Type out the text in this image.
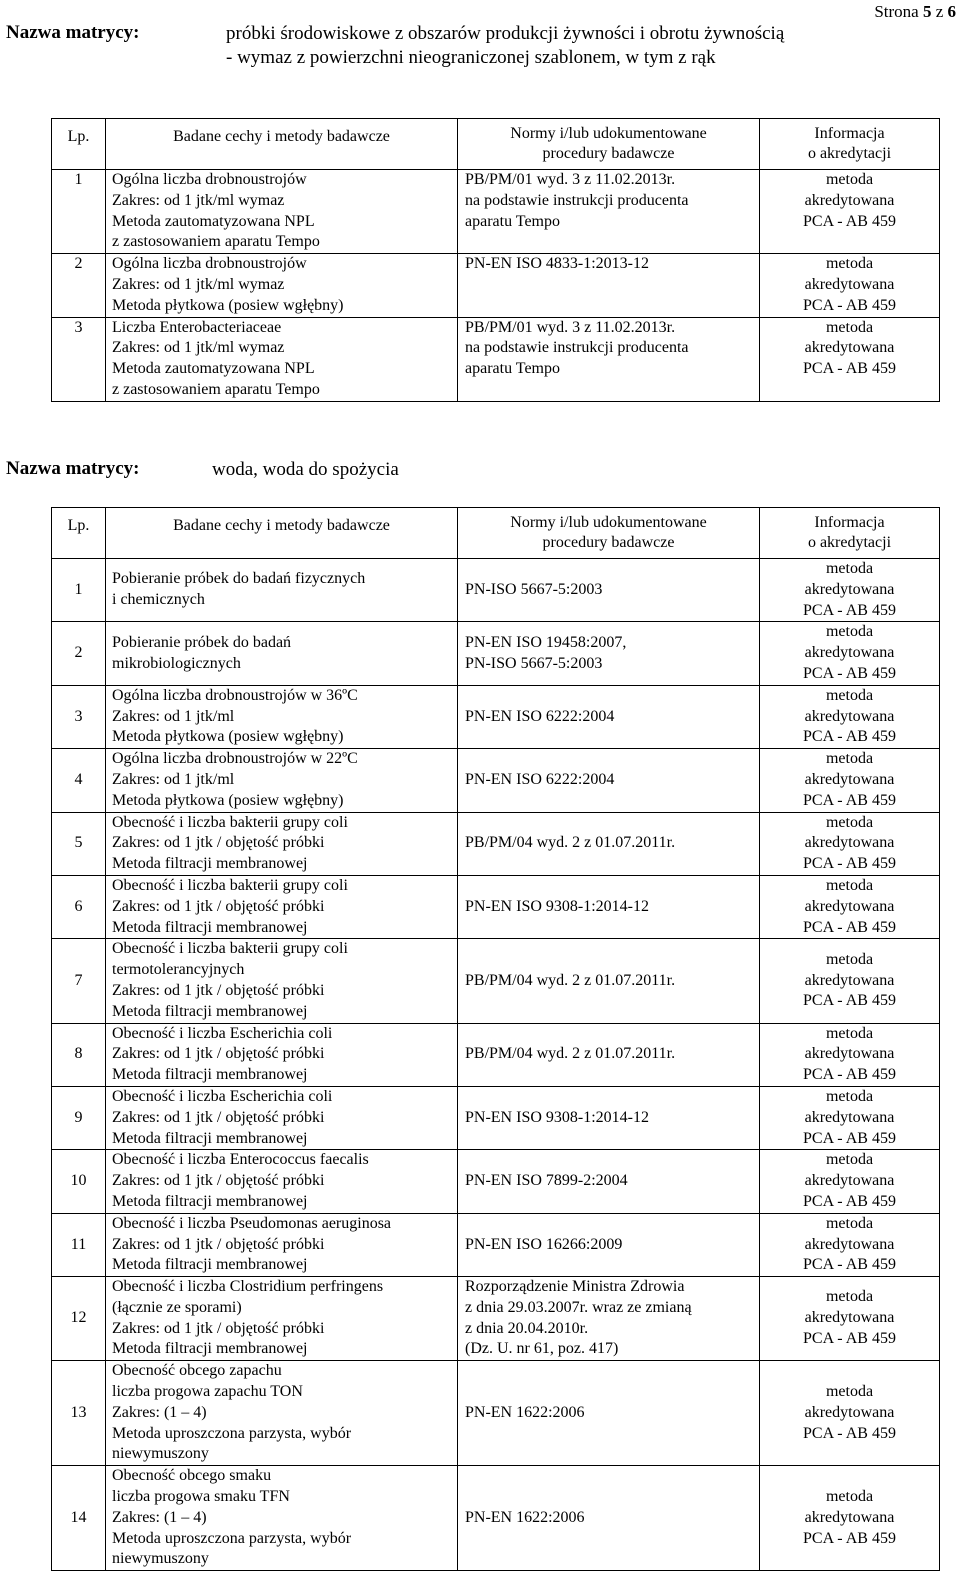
Strona 5 z 6
Nazwa matrycy:	próbki środowiskowe z obszarów produkcji żywności i obrotu żywnością
- wymaz z powierzchni nieograniczonej szablonem, w tym z rąk
Lp.	Badane cechy i metody badawcze	Normy i/lub udokumentowane
procedury badawcze	Informacja
o akredytacji

1	Ogólna liczba drobnoustrojów
Zakres: od 1 jtk/ml wymaz
Metoda zautomatyzowana NPL
z zastosowaniem aparatu Tempo	PB/PM/01 wyd. 3 z 11.02.2013r.
na podstawie instrukcji producenta
aparatu Tempo	metoda
akredytowana
PCA - AB 459

2	Ogólna liczba drobnoustrojów
Zakres: od 1 jtk/ml wymaz
Metoda płytkowa (posiew wgłębny)	PN-EN ISO 4833-1:2013-12	metoda
akredytowana
PCA - AB 459

3	Liczba Enterobacteriaceae
Zakres: od 1 jtk/ml wymaz
Metoda zautomatyzowana NPL
z zastosowaniem aparatu Tempo	PB/PM/01 wyd. 3 z 11.02.2013r.
na podstawie instrukcji producenta
aparatu Tempo	metoda
akredytowana
PCA - AB 459
Nazwa matrycy:	woda, woda do spożycia
Lp.	Badane cechy i metody badawcze	Normy i/lub udokumentowane
procedury badawcze	Informacja
o akredytacji

1	Pobieranie próbek do badań fizycznych
i chemicznych	PN-ISO 5667-5:2003	metoda
akredytowana
PCA - AB 459

2	Pobieranie próbek do badań
mikrobiologicznych	PN-EN ISO 19458:2007,
PN-ISO 5667-5:2003	metoda
akredytowana
PCA - AB 459

3	Ogólna liczba drobnoustrojów w 36ºC
Zakres: od 1 jtk/ml
Metoda płytkowa (posiew wgłębny)	PN-EN ISO 6222:2004	metoda
akredytowana
PCA - AB 459

4	Ogólna liczba drobnoustrojów w 22ºC
Zakres: od 1 jtk/ml
Metoda płytkowa (posiew wgłębny)	PN-EN ISO 6222:2004	metoda
akredytowana
PCA - AB 459

5	Obecność i liczba bakterii grupy coli
Zakres: od 1 jtk / objętość próbki
Metoda filtracji membranowej	PB/PM/04 wyd. 2 z 01.07.2011r.	metoda
akredytowana
PCA - AB 459

6	Obecność i liczba bakterii grupy coli
Zakres: od 1 jtk / objętość próbki
Metoda filtracji membranowej	PN-EN ISO 9308-1:2014-12	metoda
akredytowana
PCA - AB 459

7	Obecność i liczba bakterii grupy coli
termotolerancyjnych
Zakres: od 1 jtk / objętość próbki
Metoda filtracji membranowej	PB/PM/04 wyd. 2 z 01.07.2011r.	metoda
akredytowana
PCA - AB 459

8	Obecność i liczba Escherichia coli
Zakres: od 1 jtk / objętość próbki
Metoda filtracji membranowej	PB/PM/04 wyd. 2 z 01.07.2011r.	metoda
akredytowana
PCA - AB 459

9	Obecność i liczba Escherichia coli
Zakres: od 1 jtk / objętość próbki
Metoda filtracji membranowej	PN-EN ISO 9308-1:2014-12	metoda
akredytowana
PCA - AB 459

10	Obecność i liczba Enterococcus faecalis
Zakres: od 1 jtk / objętość próbki
Metoda filtracji membranowej	PN-EN ISO 7899-2:2004	metoda
akredytowana
PCA - AB 459

11	Obecność i liczba Pseudomonas aeruginosa
Zakres: od 1 jtk / objętość próbki
Metoda filtracji membranowej	PN-EN ISO 16266:2009	metoda
akredytowana
PCA - AB 459

12	Obecność i liczba Clostridium perfringens
(łącznie ze sporami)
Zakres: od 1 jtk / objętość próbki
Metoda filtracji membranowej	Rozporządzenie Ministra Zdrowia
z dnia 29.03.2007r. wraz ze zmianą
z dnia 20.04.2010r.
(Dz. U. nr 61, poz. 417)	metoda
akredytowana
PCA - AB 459

13	Obecność obcego zapachu
liczba progowa zapachu TON
Zakres: (1 – 4)
Metoda uproszczona parzysta, wybór
niewymuszony	PN-EN 1622:2006	metoda
akredytowana
PCA - AB 459

14	Obecność obcego smaku
liczba progowa smaku TFN
Zakres: (1 – 4)
Metoda uproszczona parzysta, wybór
niewymuszony	PN-EN 1622:2006	metoda
akredytowana
PCA - AB 459
